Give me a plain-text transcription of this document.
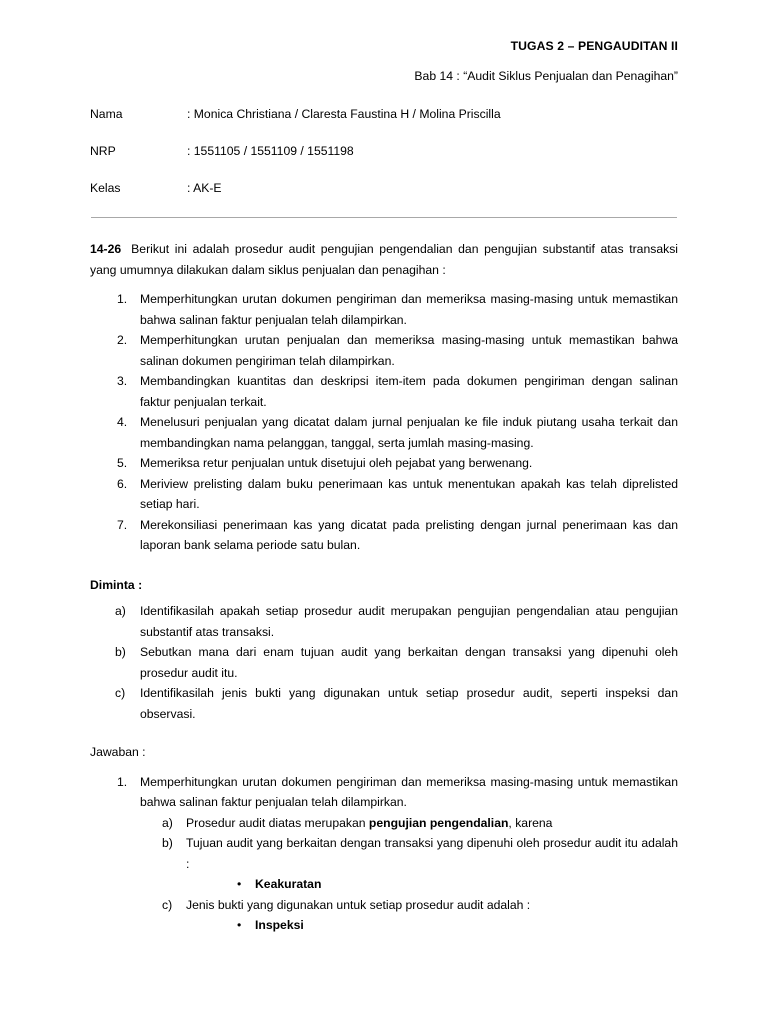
TUGAS 2 – PENGAUDITAN II
Bab 14 : “Audit Siklus Penjualan dan Penagihan”
Nama	: Monica Christiana / Claresta Faustina H / Molina Priscilla
NRP	: 1551105 / 1551109 / 1551198
Kelas	: AK-E
14-26 Berikut ini adalah prosedur audit pengujian pengendalian dan pengujian substantif atas transaksi yang umumnya dilakukan dalam siklus penjualan dan penagihan :
1.	Memperhitungkan urutan dokumen pengiriman dan memeriksa masing-masing untuk memastikan bahwa salinan faktur penjualan telah dilampirkan.
2.	Memperhitungkan urutan penjualan dan memeriksa masing-masing untuk memastikan bahwa salinan dokumen pengiriman telah dilampirkan.
3.	Membandingkan kuantitas dan deskripsi item-item pada dokumen pengiriman dengan salinan faktur penjualan terkait.
4.	Menelusuri penjualan yang dicatat dalam jurnal penjualan ke file induk piutang usaha terkait dan membandingkan nama pelanggan, tanggal, serta jumlah masing-masing.
5.	Memeriksa retur penjualan untuk disetujui oleh pejabat yang berwenang.
6.	Meriview prelisting dalam buku penerimaan kas untuk menentukan apakah kas telah diprelisted setiap hari.
7.	Merekonsiliasi penerimaan kas yang dicatat pada prelisting dengan jurnal penerimaan kas dan laporan bank selama periode satu bulan.
Diminta :
a)	Identifikasilah apakah setiap prosedur audit merupakan pengujian pengendalian atau pengujian substantif atas transaksi.
b)	Sebutkan mana dari enam tujuan audit yang berkaitan dengan transaksi yang dipenuhi oleh prosedur audit itu.
c)	Identifikasilah jenis bukti yang digunakan untuk setiap prosedur audit, seperti inspeksi dan observasi.
Jawaban :
1.	Memperhitungkan urutan dokumen pengiriman dan memeriksa masing-masing untuk memastikan bahwa salinan faktur penjualan telah dilampirkan.
a)	Prosedur audit diatas merupakan pengujian pengendalian, karena
b)	Tujuan audit yang berkaitan dengan transaksi yang dipenuhi oleh prosedur audit itu adalah :
• Keakuratan
c)	Jenis bukti yang digunakan untuk setiap prosedur audit adalah :
• Inspeksi
